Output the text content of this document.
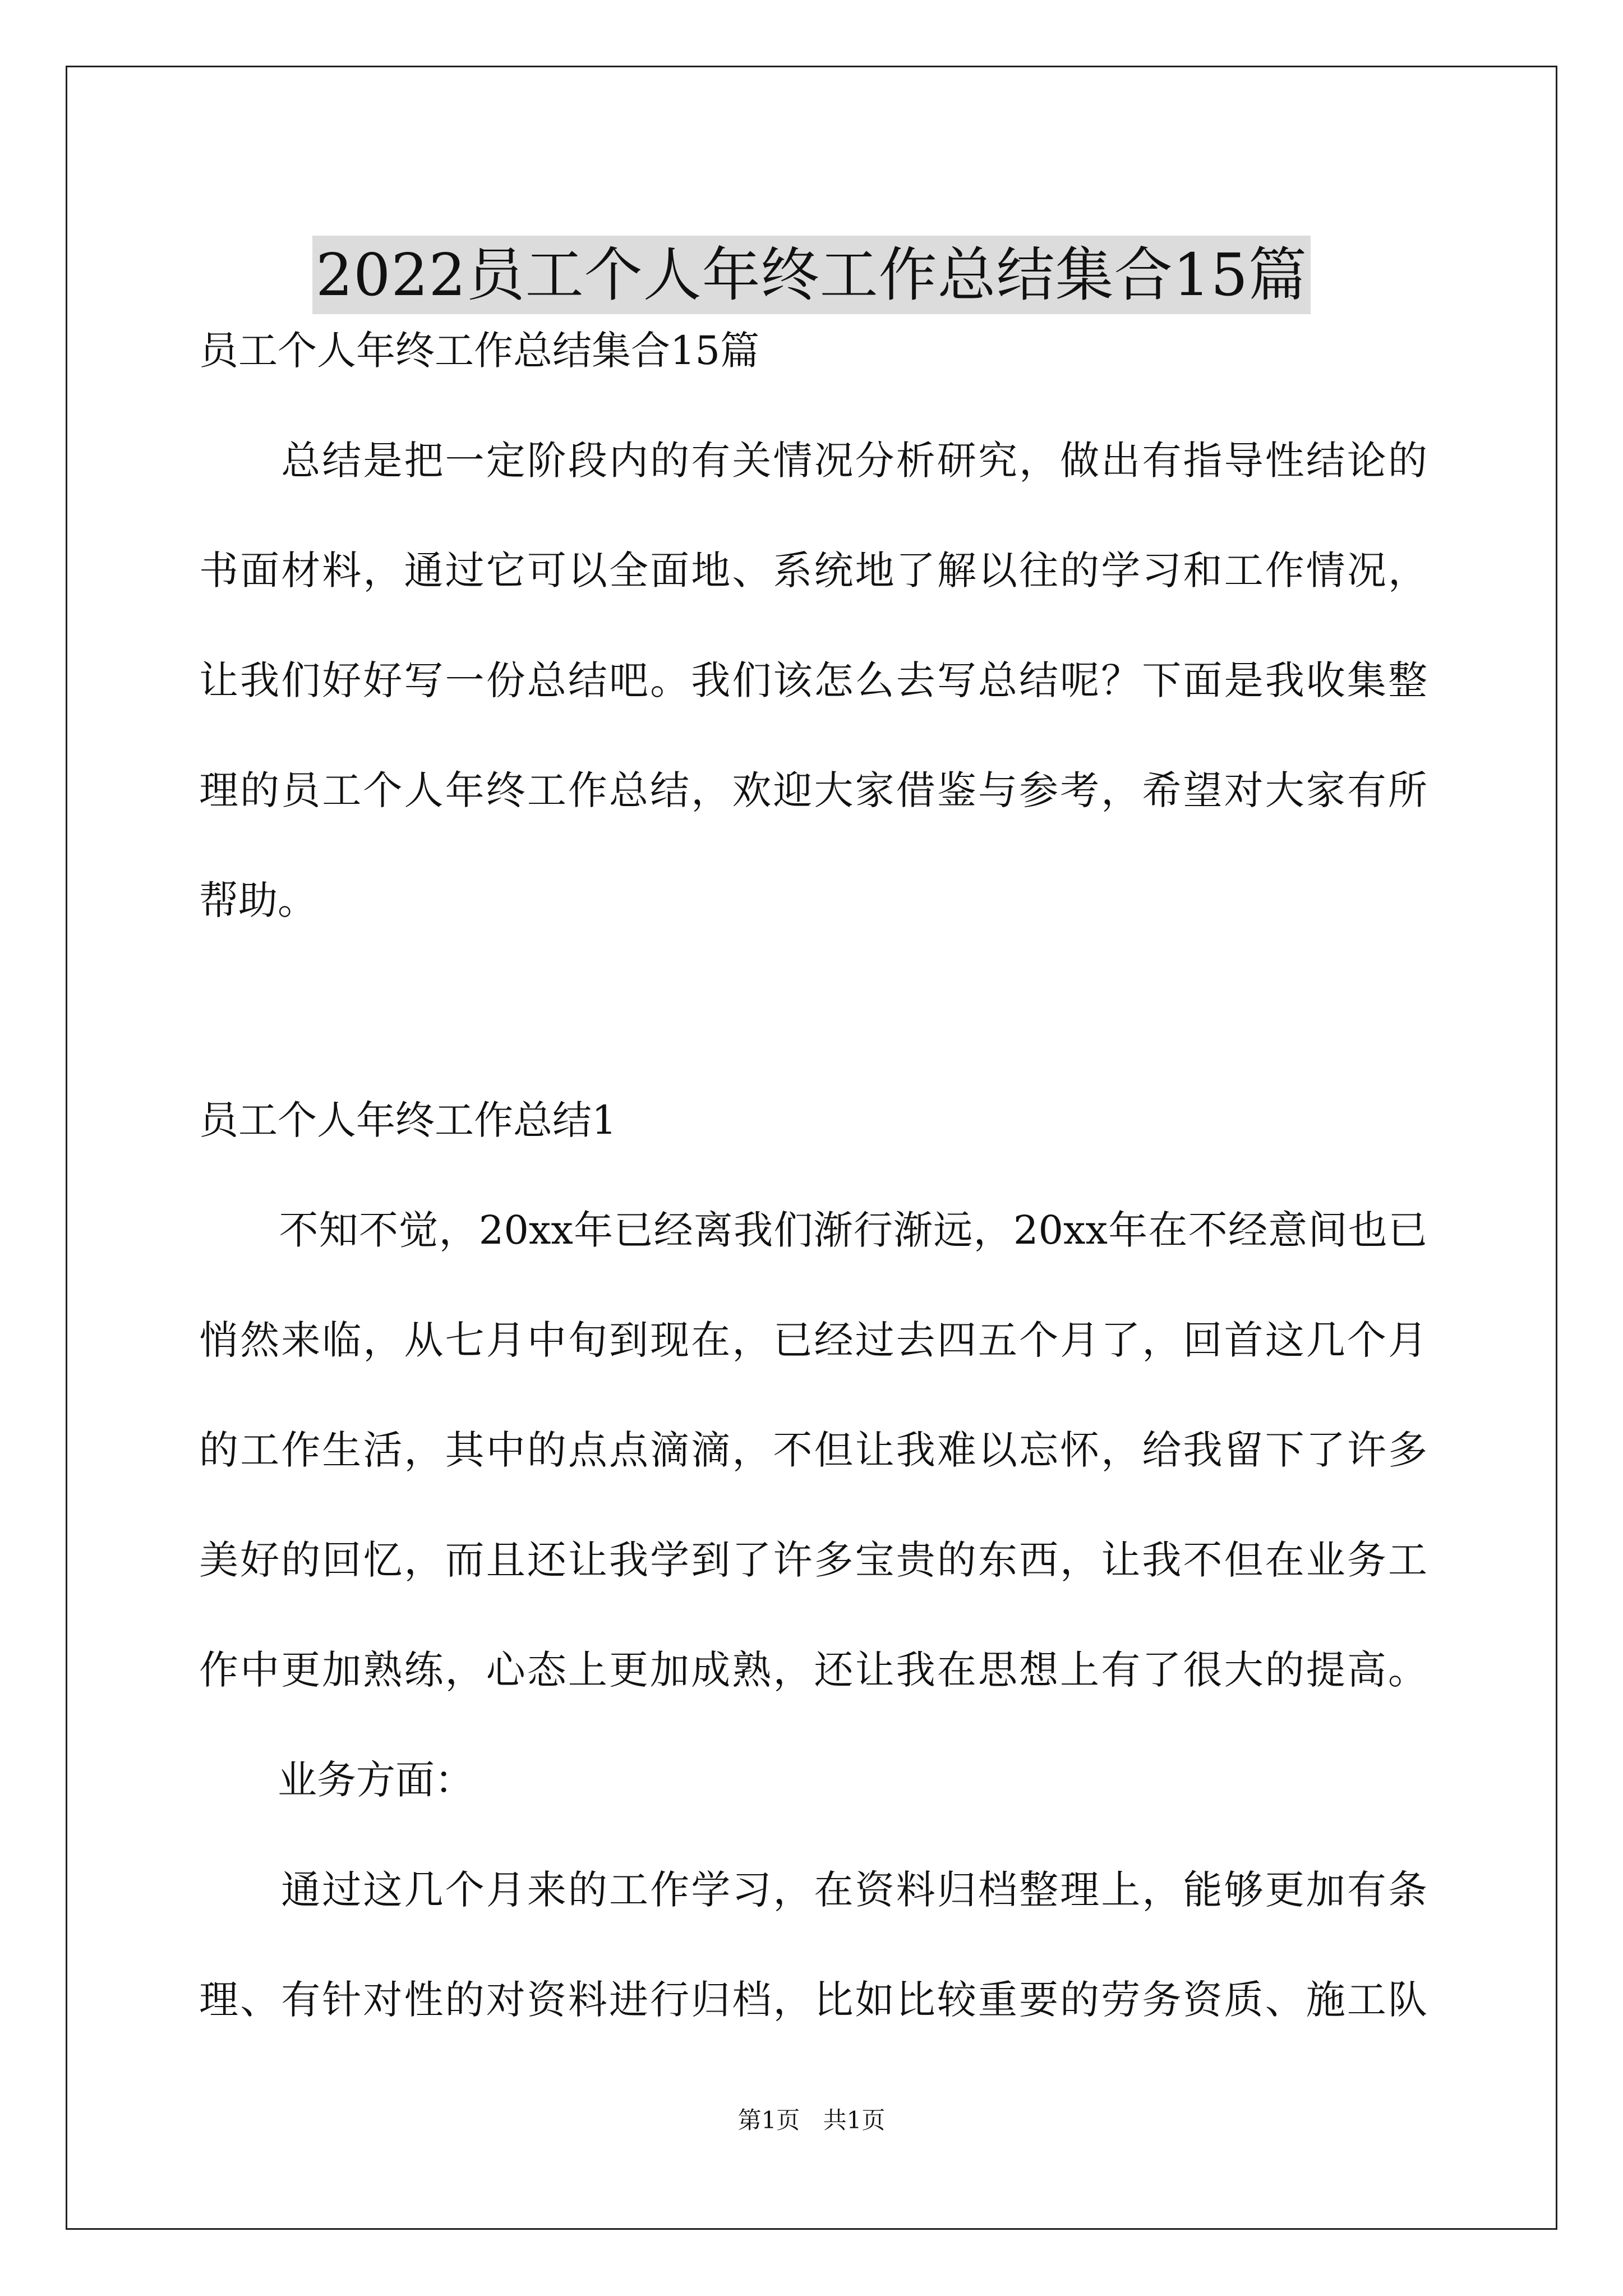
2022员工个人年终工作总结集合15篇

员工个人年终工作总结集合15篇

　　总结是把一定阶段内的有关情况分析研究，做出有指导性结论的

书面材料，通过它可以全面地、系统地了解以往的学习和工作情况，

让我们好好写一份总结吧。我们该怎么去写总结呢？下面是我收集整

理的员工个人年终工作总结，欢迎大家借鉴与参考，希望对大家有所

帮助。

员工个人年终工作总结1

　　不知不觉，20xx年已经离我们渐行渐远，20xx年在不经意间也已

悄然来临，从七月中旬到现在，已经过去四五个月了，回首这几个月

的工作生活，其中的点点滴滴，不但让我难以忘怀，给我留下了许多

美好的回忆，而且还让我学到了许多宝贵的东西，让我不但在业务工

作中更加熟练，心态上更加成熟，还让我在思想上有了很大的提高。

　　业务方面：

　　通过这几个月来的工作学习，在资料归档整理上，能够更加有条

理、有针对性的对资料进行归档，比如比较重要的劳务资质、施工队

第1页 共1页
